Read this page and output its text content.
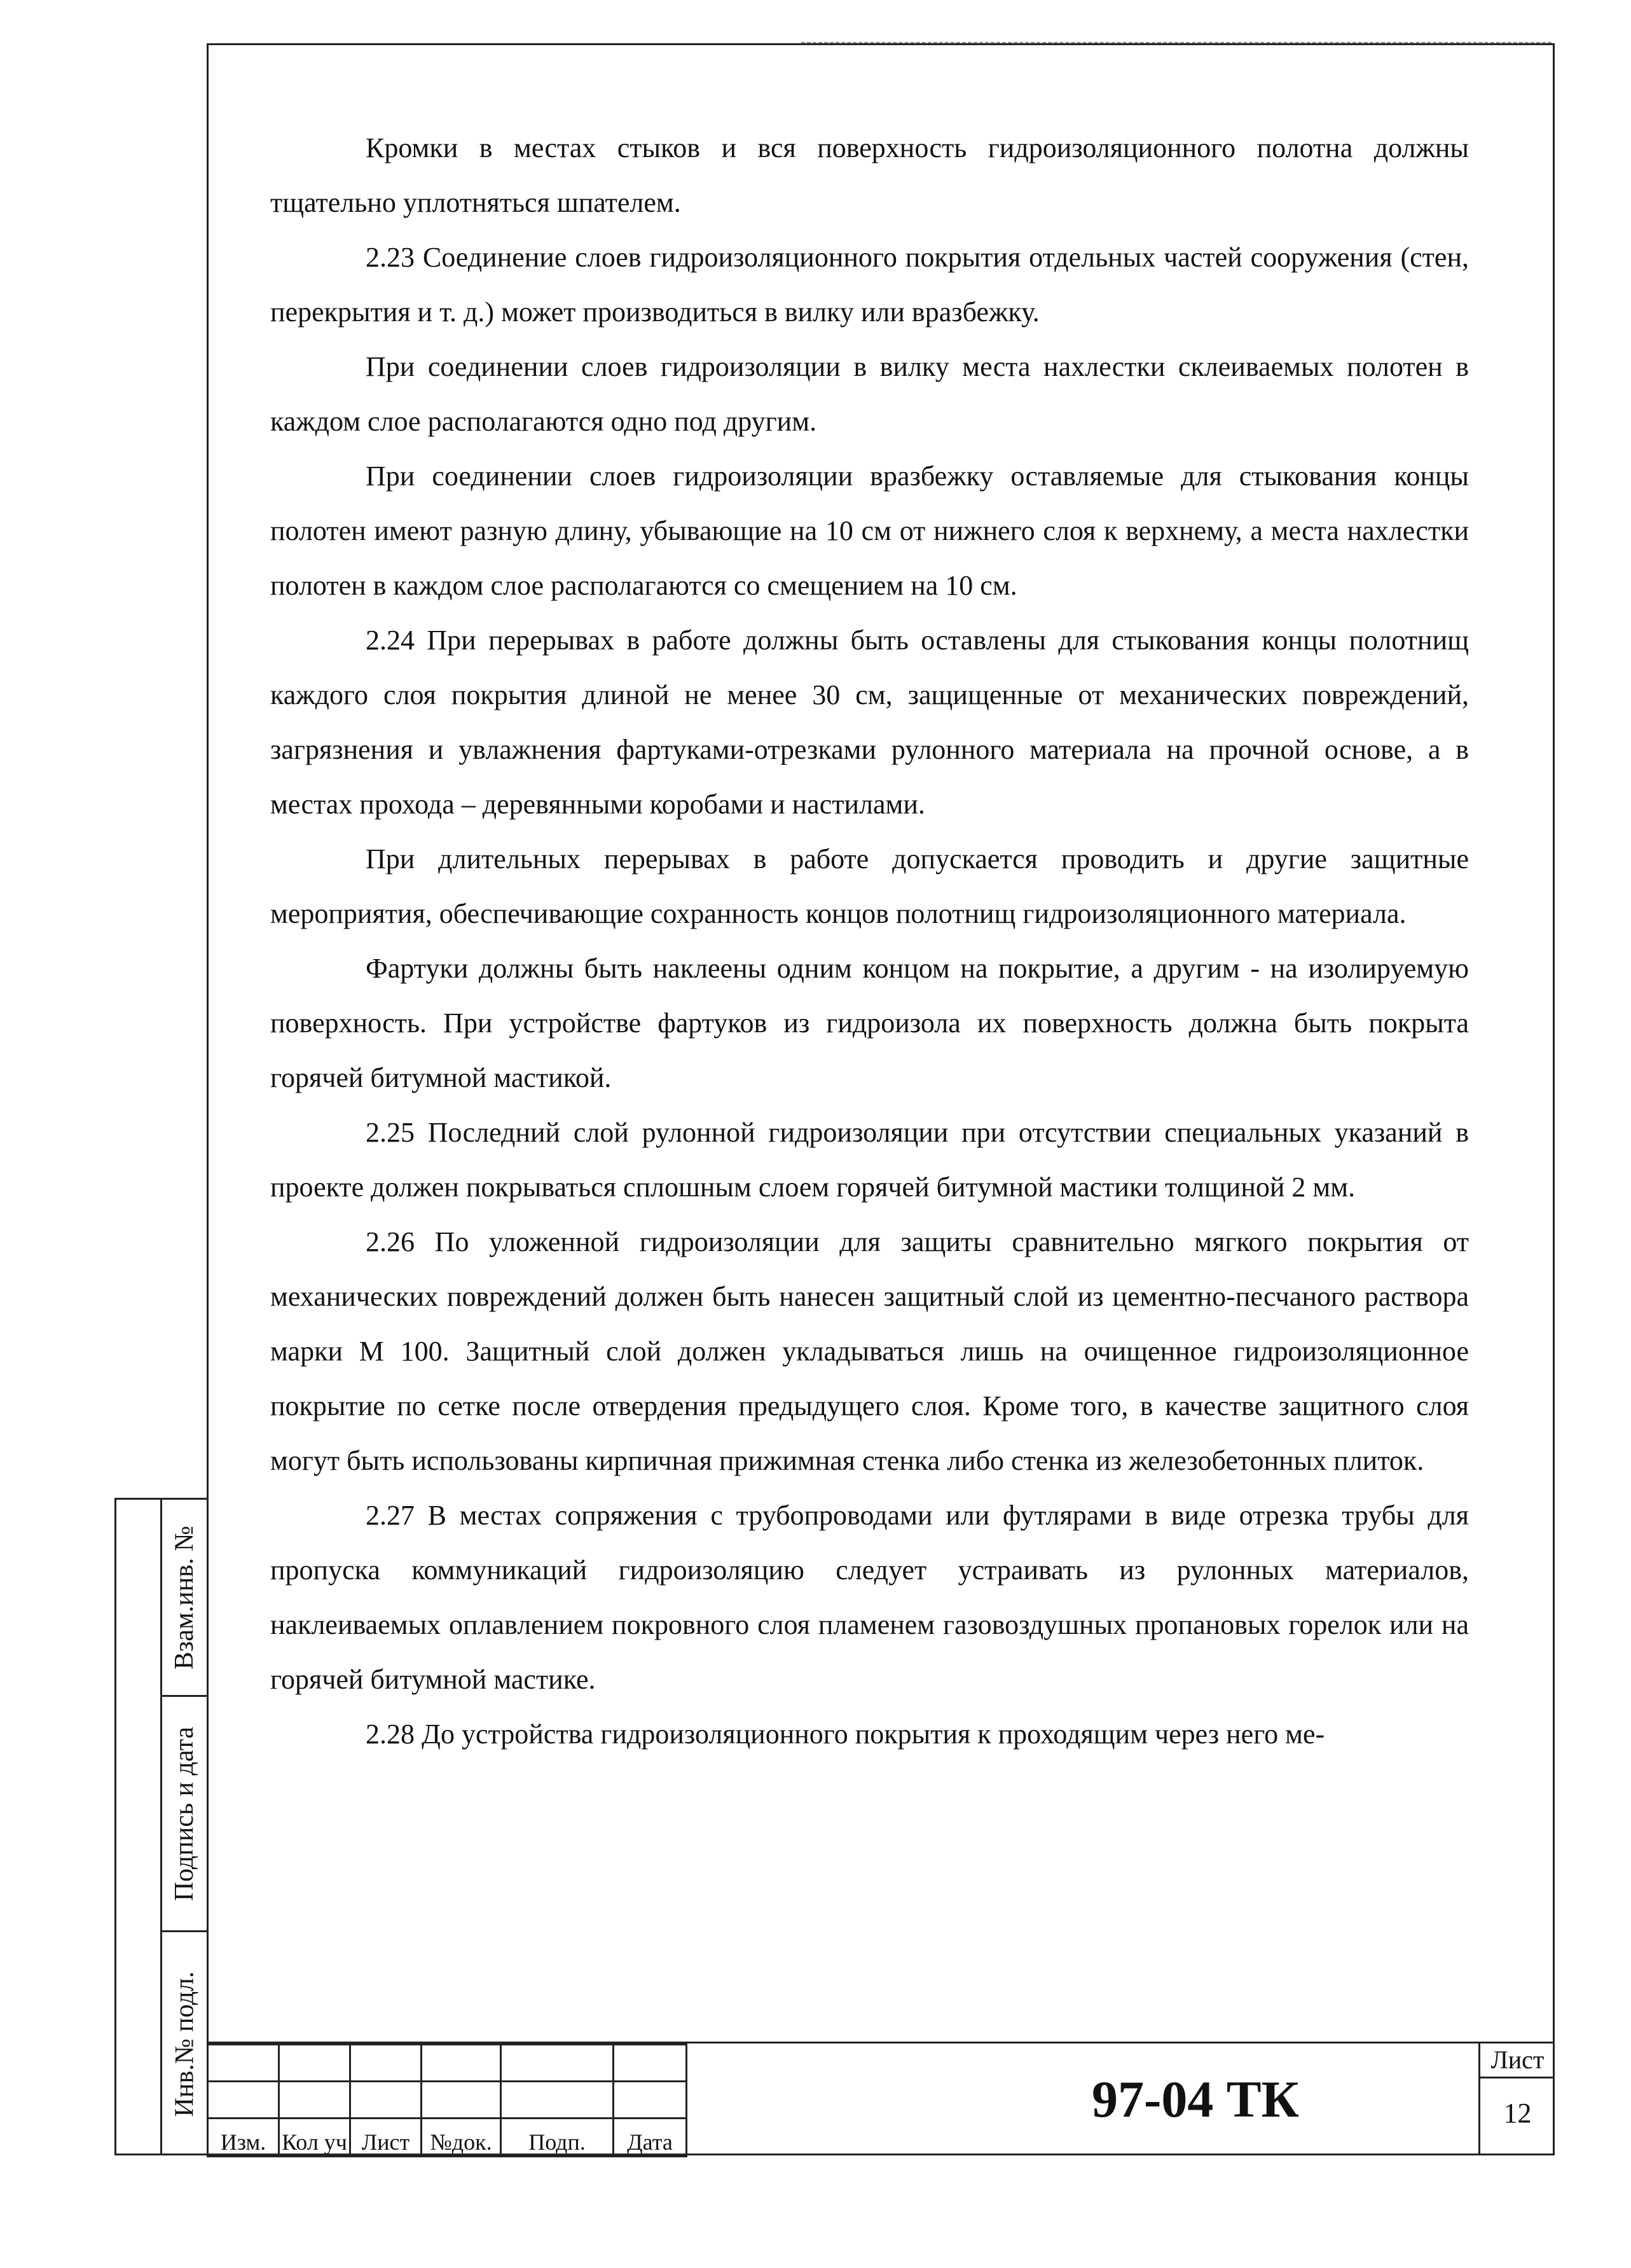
Взам.инв. №
Подпись и дата
Инв.№ подл.

Кромки в местах стыков и вся поверхность гидроизоляционного полотна должны тщательно уплотняться шпателем.

2.23 Соединение слоев гидроизоляционного покрытия отдельных частей сооружения (стен, перекрытия и т. д.) может производиться в вилку или вразбежку.

При соединении слоев гидроизоляции в вилку места нахлестки склеиваемых полотен в каждом слое располагаются одно под другим.

При соединении слоев гидроизоляции вразбежку оставляемые для стыкования концы полотен имеют разную длину, убывающие на 10 см от нижнего слоя к верхнему, а места нахлестки полотен в каждом слое располагаются со смещением на 10 см.

2.24 При перерывах в работе должны быть оставлены для стыкования концы полотнищ каждого слоя покрытия длиной не менее 30 см, защищенные от механических повреждений, загрязнения и увлажнения фартуками-отрезками рулонного материала на прочной основе, а в местах прохода – деревянными коробами и настилами.

При длительных перерывах в работе допускается проводить и другие защитные мероприятия, обеспечивающие сохранность концов полотнищ гидроизоляционного материала.

Фартуки должны быть наклеены одним концом на покрытие, а другим - на изолируемую поверхность. При устройстве фартуков из гидроизола их поверхность должна быть покрыта горячей битумной мастикой.

2.25 Последний слой рулонной гидроизоляции при отсутствии специальных указаний в проекте должен покрываться сплошным слоем горячей битумной мастики толщиной 2 мм.

2.26 По уложенной гидроизоляции для защиты сравнительно мягкого покрытия от механических повреждений должен быть нанесен защитный слой из цементно-песчаного раствора марки М 100. Защитный слой должен укладываться лишь на очищенное гидроизоляционное покрытие по сетке после отвердения предыдущего слоя. Кроме того, в качестве защитного слоя могут быть использованы кирпичная прижимная стенка либо стенка из железобетонных плиток.

2.27 В местах сопряжения с трубопроводами или футлярами в виде отрезка трубы для пропуска коммуникаций гидроизоляцию следует устраивать из рулонных материалов, наклеиваемых оплавлением покровного слоя пламенем газовоздушных пропановых горелок или на горячей битумной мастике.

2.28 До устройства гидроизоляционного покрытия к проходящим через него ме-

Изм.	Кол уч	Лист	№док.	Подп.	Дата
97-04 ТК
Лист
12
